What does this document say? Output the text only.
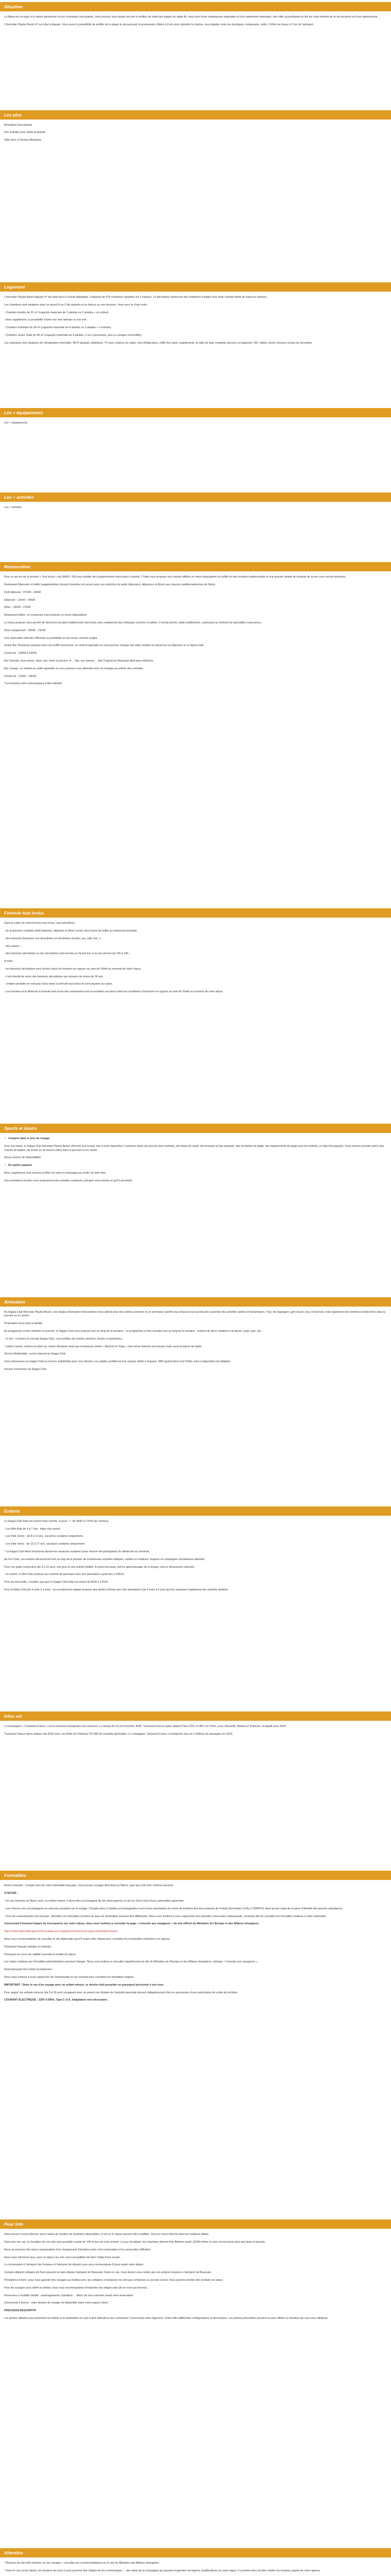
Situation

La Maria est un pays à la nature généreuse où les contrastes sont grands. Vous pourrez tous durant vos été et profiter du soleil des plages de sable fin, vous jouir d'une somptueuse végétation et d'un patrimoine historique, des villes accueillantes et fait les nuits étoilées de la vie nocturne et d'une gastronomie ...

L'Ibérostar Playita Resort 4* est situé à Aguaïe. Vous aurez la possibilité de profiter de la plage ou de parcourir la promenade côtière à 8 km pour rejoindre la marina, vous balader entre les boutiques, restaurants, cafés. L'hôtel se trouve à 2 km de l'aéroport.

Les plus

Animation francophone

Des activités pour petits et grands

Situé face à l'Océan Atlantique

Logement

L'Ibérostar Playita Beach Aguaïe 4* est situé face à l'océan Atlantique. Il dispose de 479 chambres réparties sur 3 niveaux. La décoration lumineuse des chambres s'inspire d'un style colonial teinté de nuances marines.

Les chambres sont équipées avec un grand lit ou 2 lits séparés et un balcon ou une terrasse. Vous avez le choix entre :

- Chambre double de 22 m² (capacité maximale de 2 adultes ou 2 adultes + un enfant)

- Avec supplément, la possibilité d'avoir vue mer latérale ou vue mer.

- Chambre Familiale de 34 m² (capacité maximale de 4 adultes ou 2 adultes + 2 enfants)

- Chambre Junior Suite de 40 m² (capacité maximale de 4 adultes, 2 ou 3 personnes, plus un canapé convertible).

Les chambres sont équipées de climatisation réversible, Wi-Fi (gratuit), téléphone, TV avec chaînes du câble, mini réfrigérateur, coffre-fort (avec supplément), et salle de bain complète (douche ou baignoire, WC, bidet), sèche-cheveux et plus de serviettes.

Les + équipements

Les + équipements

Les + activités

Les + activités

Restauration

Pour ce qui est de la formule « Tout Inclus » de 09h00 - 00h pour profiter de la gastronomie marocaine à volonté. L'hôtel vous propose une cuisine raffinée en menu dégustation ou buffet où des recettes traditionnelles et une grande variété de produits de la mer vous seront proposés.

Restaurant Marocain et buffet mappelanésien devant révolution où seront avec une sélection de petits déjeuners, déjeuners et dîners aux saveurs méditerranéennes de Maria.

Petit déjeuner : 07h00 - 10h00

Déjeuner : 12h30 - 14h30

Dîner : 19h00 - 21h30

Restaurant italien, un restaurant vous propose un menu dégustation.

Le menu propose vous permet de découvrir les plats traditionnels marocains avec notamment des mélanges sucrées et salées. Il est de prévoir, plats traditionnels, marocains au moment de spécialités marocaines.

Diner uniquement : 18h00 - 21h30

Une réservation doit être effectuée au préalable et une tenue correcte exigée.

Snack Bar Tinuhouse propose dans son buffet tout-inclus. Un endroit agréable ou vous pourrez manger des plats simples et savoureux au déjeuner ou à l'après-midi.

Ouvert de : 10h00 à 16h00

Bar Oriental, nous avons, situé, une, entre la piscine, et ... Bar, une piscine ... Bar Tropical du Maracuja idéal pour rafraîchir.

Bar Lounge, un endroit au cadre agréable ou vous pourrez vous détendre avec la musique au rythme des cocktails.

Ouvert de : 21h00 - 23h00

*Les horaires sont communiqués à titre indicatif.

Formule tout inclus

Dans le cadre de votre formule tout inclus, vous bénéficiez :

- de la pension complète (petit déjeuner, déjeuner et dîner) servie sous forme de buffet au restaurant principal,

- des boissons (boissons non alcoolisées et alcoolisées locales, jus, café, thé...)

- des snacks ...

- des boissons alcoolisées et non alcoolisées sont servies au Snack bar et au bar piscine de 10h à 23h...

A noter :

- les boissons alcoolisées sont servies selon les horaires en vigueur au sein de l'hôtel au moment de votre séjour,

- il est interdit de servir des boissons alcoolisées aux mineurs de moins de 18 ans,

- certains produits ne sont pas inclus dans la formule tout inclus et sont payants sur place,

- Les horaires et le détail de la formule tout inclus des restaurants sont accessibles sur place selon les conditions d'ouverture en vigueur au sein de l'hôtel au moment de votre séjour.

Sports et loisirs
• Compris dans le prix du voyage

Pour vos loisirs, le Kappa Club Iberostar Playita Beach (formule tout inclus) met à votre disposition 3 piscines (dont une piscine pour enfants), des bains de soleil, des transats et des parasols, des serviettes de plage, des équipements de plage pour les enfants, un Spa Kid (payant). Vous pourrez prendre part à des matchs de basket, de tennis ou de beach-volley dans la journée ou en soirée.

(Sous réserve de disponibilité)

• En option payante

Avec supplément vous pourrez profiter de soins et massages au centre de bien-être.

Des prestations locales vous proposeront des activités nautiques, plongée sous-marine et golf à proximité.

Animation

Au Kappa Club Iberostar Playita Beach, une équipe d'animation francophone vous attend pour des soirées animées et un animateur sportif vous propose tout au long de la journée des activités variées et dynamiques. Tout, de l'aquagym, gym douce, jeux et tournois, mais également de nombreux temps forts dans la journée ou en soirée.

Proposition pour toute la famille.

Au programme et des activités en journée, le Kappa Club vous propose tout au long de la semaine : un programme et des activités tout au long de la semaine : matchs de sport, initiation à la danse, yoga, quiz, etc...

- le soir : à travers le concept Kappa Club, vous profitez de soirées animées, shows et spectacles...

- soirée Casino, cinéma en plein air, soirée dansante ainsi que la fameuse soirée « Blanche & Tinge » (une tenue blanche est prévue) mais aussi la danse de ballet.

Service Multimédia : accès internet au Kappa Club

Vous retrouverez au Kappa Club un service multimédia pour vous divertir. Les adultes profiteront d'un espace dédié à l'espace, WIFI gratuit dans tout l'hôtel, mise à disposition de tablettes.

Heures d'ouverture du Kappa Club.

Enfants

Le Kappa Club Kids est ouvert toute l'année, 6 jours / 7, de 9h30 à 17h30 (en continu).

- Les Mini Kids de 4 à 7 ans : baby club animé.

- Les Kids Junior : de 8 à 11 ans, vacances scolaires uniquement.

- Les Kids Teens : de 12 à 17 ans, vacances scolaires uniquement.

* Le Kappa Club Ados fonctionne durant les vacances scolaires (sous réserve de participants) du dimanche au vendredi.

Au Fun Club, vos enfants découvriront tout au long de la journée de nombreuses activités ludiques, variées et créatives, toujours en compagnie d'animateurs attentifs.

Pour nos petits vacanciers (de 4 à 11 ans), nos jeux et une activité dédiée, ils pourront aussi, soit en apprentissage de la langue, soit en découverte culturelle.

- En soirée, le Mini Club propose aux enfants de participer avec nos animateurs ayant lieu à 20h15...

Pour les tout-petits, n'oubliez pas que le Kappa Club Kids est ouvert de 8h30 à 17h30.

Pour le Baby Club (de 4 mois à 4 ans) : un encadrement adapté propose des ateliers d'éveil avec des animateurs (de 4 mois à 4 ans) qui leur proposent également des activités dédiées.

Infos vol

La compagnie « Transavia France » est le nouveau transporteur de vacances. Le temps de vol est d'environ 4h30. Transavia France opère depuis Paris CDG et ORY sur Paris, Lyon, Marseille, Nantes et Toulouse, et Agadir pour 2024.

Transavia France opère depuis mai 2022 avec une flotte de 8 Boeing 737-800 de nouvelle génération. La compagnie Transavia France a transporté plus de 2 millions de passagers en 2023.

Formalités

Bonne nouvelle : Compte tenu de votre nationalité française, vous pouvez voyager librement au Maroc, quel que soit votre schéma vaccinal.

A NOTER :

- En cas d'arrivée au Maroc avec un enfant mineur, il devra être accompagné de ses deux parents ou de l'un d'eux muni d'une autorisation parentale.

- Les mineurs non accompagnés ne sont pas acceptés sur le voyage. Il faudra alors à l'adulte accompagnateur muni d'une autorisation de sortie de territoire des deux parents de l'enfant (formulaire Cerfa n°15646*01 ainsi qu'une copie de la pièce d'identité des parents signataires).

- Pour les ressortissants non français : Attention, les formalités d'entrée du pays de destination peuvent être différentes. Nous vous invitons à vous rapprocher des autorités concernées (ambassade, consulat) afin de connaître les formalités relatives à votre nationalité.

Concernant l'éventuel impact du Coronavirus sur votre séjour, nous vous invitons à consulter la page « Conseils aux voyageurs » du site officiel du Ministère de l'Europe et des Affaires étrangères.

https://www.diplomatie.gouv.fr/fr/conseils-aux-voyageurs/conseils-par-pays-destination/maroc/

Nous vous recommandons de consulter le site diplomatie.gouv.fr avant votre départ pour connaître les éventuelles restrictions en vigueur.

Passeport français (adultes et enfants) :

Passeport en cours de validité couvrant la totalité du séjour.

Les règles relatives aux formalités administratives peuvent changer. Nous vous invitons à consulter régulièrement le site du Ministère de l'Europe et des Affaires étrangères, rubrique « Conseils aux voyageurs ».

Ressortissants hors Union Européenne :

Nous vous invitons à vous rapprocher de l'ambassade ou du consulat pour connaître les formalités exigées.

IMPORTANT : Dans le cas d'un voyage avec un enfant mineur, ce dernier doit posséder un passeport personnel à son nom.

Pour rappel, les enfants mineurs (de 0 à 18 ans) voyageant avec un parent non titulaire de l'autorité parentale doivent obligatoirement être en possession d'une autorisation de sortie de territoire.

COURANT ÉLECTRIQUE : 220V à 50Hz. Type C et E. Adaptateur non nécessaire.

Pour info

Nous tenons à vous informer qu'en raison du nombre de chambres disponibles, le vol ou le séjour peuvent être modifiés. Vous en serez informé dans les meilleurs délais.

Dans tous les cas, la réception de vos clés sera possible à partir de 14h le jour de votre arrivée. Le jour du départ, les chambres doivent être libérées avant 12h00 même si votre vol est prévu plus tard dans la journée.

Nous ne pouvons être tenus responsables d'un changement d'horaires entre votre réservation et la convocation définitive.

Nous vous informons que, pour ce séjour, les vols sont susceptibles de faire l'objet d'une escale.

La convocation à l'aéroport (les horaires et l'aéroport de départ) vous sera communiquée 8 jours avant votre départ.

Certains départs indiqués de Paris peuvent se faire depuis l'aéroport de Beauvais. Dans ce cas, vous devrez vous rendre par vos propres moyens à l'aéroport de Beauvais.

Prestations à bord : pour vous garantir des voyages au meilleur prix, les collations et boissons ne sont pas comprises ou servies à bord. Vous pourrez acheter des produits sur place.

Pour les voyages avec bébé ou enfant, nous vous recommandons d'emporter des sièges auto (ils ne sont pas fournis).

Personnes à mobilité réduite : aménagements, transferts ... Merci de nous informer avant votre réservation.

Documents à fournir : votre dossier de voyage est disponible dans votre espace client.

PRECISION DESCRIPTIF

Les photos utilisées pour présenter les hôtels et la destination ne sont à titre indicatif et non contractuel. Concernant votre logement, l'hôtel offre différentes configurations et décorations. Les photos présentées peuvent ne pas refléter la chambre qui vous sera attribuée.

Attention

* Mesures de sécurité sanitaire sur les voyages : consultez les recommandations sur le site du Ministère des Affaires étrangères.

* Dans le cas où les clients, les horaires de vous à vous pourriez être obligés de les communiquer ... des aléas de la compagnie qui peuvent engendrer de légères modifications sur votre séjour. Il convient donc de bien vérifier les horaires auprès de votre agence.
